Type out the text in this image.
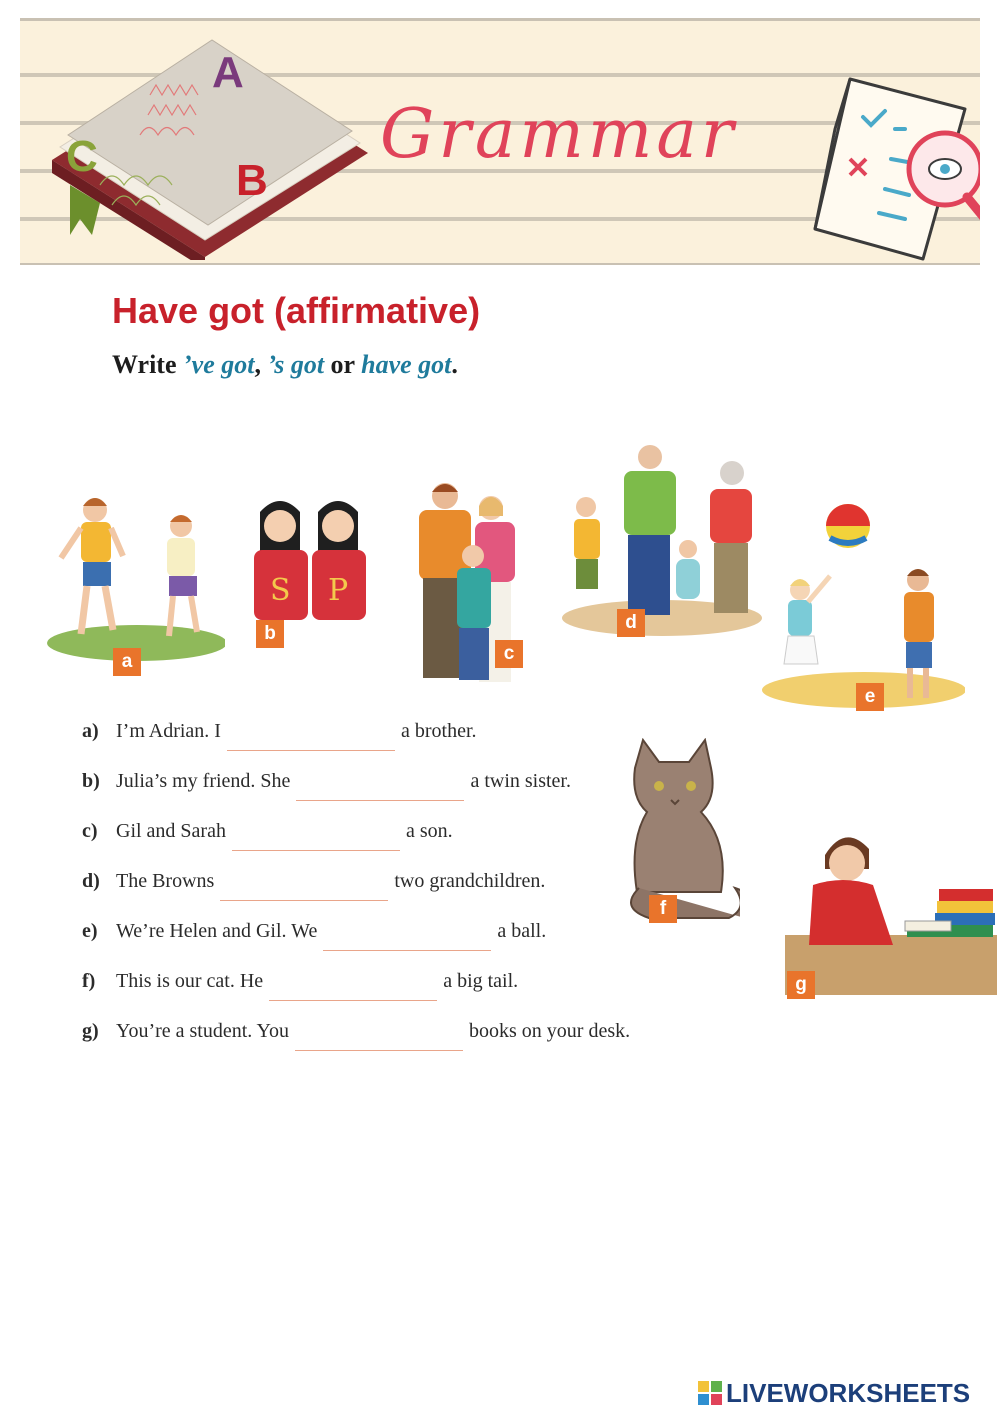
A
B
C	Grammar
Have got (affirmative)

Write ’ve got, ’s got or have got.

a
S P
b
c
d
e
f
g
a) I’m Adrian. I	a brother.
b) Julia’s my friend. She	a twin sister.
c) Gil and Sarah	a son.
d) The Browns	two grandchildren.
e) We’re Helen and Gil. We	a ball.
f) This is our cat. He	a big tail.
g) You’re a student. You	books on your desk.
LIVEWORKSHEETS
